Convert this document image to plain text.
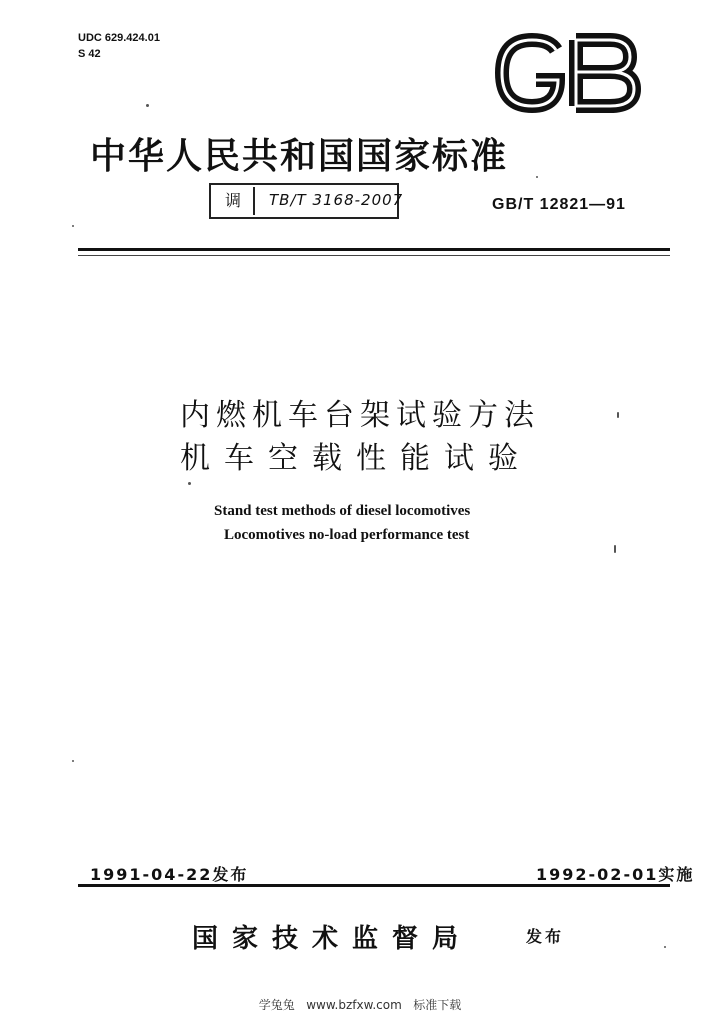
UDC 629.424.01
S 42
中华人民共和国国家标准
调	TB/T 3168-2007	GB/T 12821—91
内燃机车台架试验方法
机车空载性能试验
Stand test methods of diesel locomotives
Locomotives no-load performance test
1991-04-22发布	1992-02-01实施
国家技术监督局	发布
学兔兔   www.bzfxw.com   标准下载
